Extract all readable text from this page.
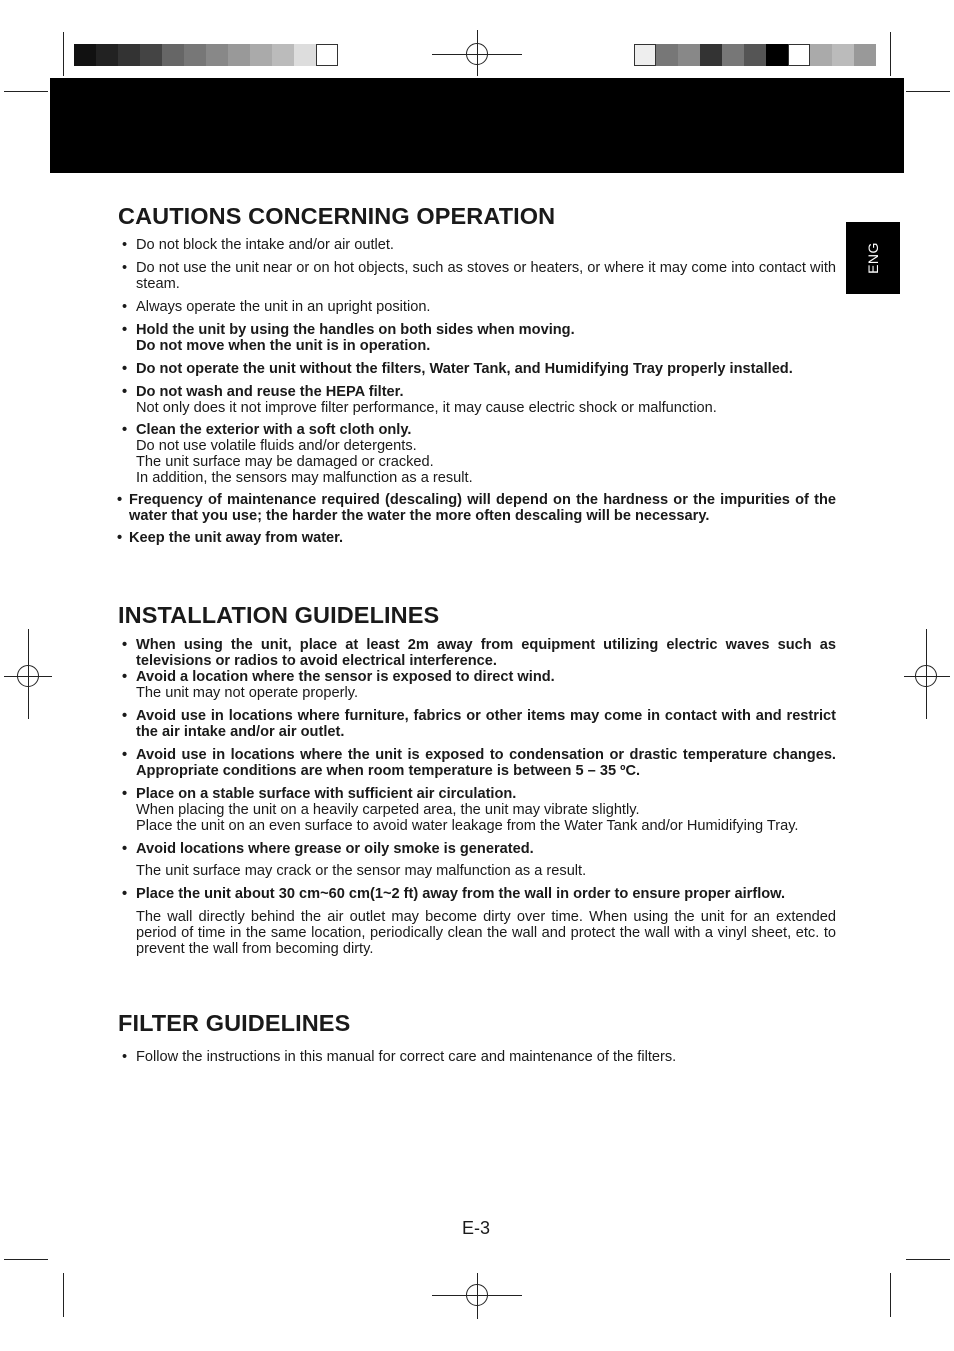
ENG
CAUTIONS CONCERNING OPERATION
• Do not block the intake and/or air outlet.
• Do not use the unit near or on hot objects, such as stoves or heaters, or where it may come into contact with steam.
• Always operate the unit in an upright position.
• Hold the unit by using the handles on both sides when moving.
Do not move when the unit is in operation.
• Do not operate the unit without the filters, Water Tank, and Humidifying Tray properly installed.
• Do not wash and reuse the HEPA filter.
Not only does it not improve filter performance, it may cause electric shock or malfunction.
• Clean the exterior with a soft cloth only.
Do not use volatile fluids and/or detergents.
The unit surface may be damaged or cracked.
In addition, the sensors may malfunction as a result.
• Frequency of maintenance required (descaling) will depend on the hardness or the impurities of the water that you use; the harder the water the more often descaling will be necessary.
• Keep the unit away from water.
INSTALLATION GUIDELINES
• When using the unit, place at least 2m away from equipment utilizing electric waves such as televisions or radios to avoid electrical interference.
• Avoid a location where the sensor is exposed to direct wind.
The unit may not operate properly.
• Avoid use in locations where furniture, fabrics or other items may come in contact with and restrict the air intake and/or air outlet.
• Avoid use in locations where the unit is exposed to condensation or drastic temperature changes. Appropriate conditions are when room temperature is between 5 – 35 ºC.
• Place on a stable surface with sufficient air circulation.
When placing the unit on a heavily carpeted area, the unit may vibrate slightly.
Place the unit on an even surface to avoid water leakage from the Water Tank and/or Humidifying Tray.
• Avoid locations where grease or oily smoke is generated.
The unit surface may crack or the sensor may malfunction as a result.
• Place the unit about 30 cm~60 cm(1~2 ft) away from the wall in order to ensure proper airflow.
The wall directly behind the air outlet may become dirty over time. When using the unit for an extended period of time in the same location, periodically clean the wall and protect the wall with a vinyl sheet, etc. to prevent the wall from becoming dirty.
FILTER GUIDELINES
• Follow the instructions in this manual for correct care and maintenance of the filters.
E-3
